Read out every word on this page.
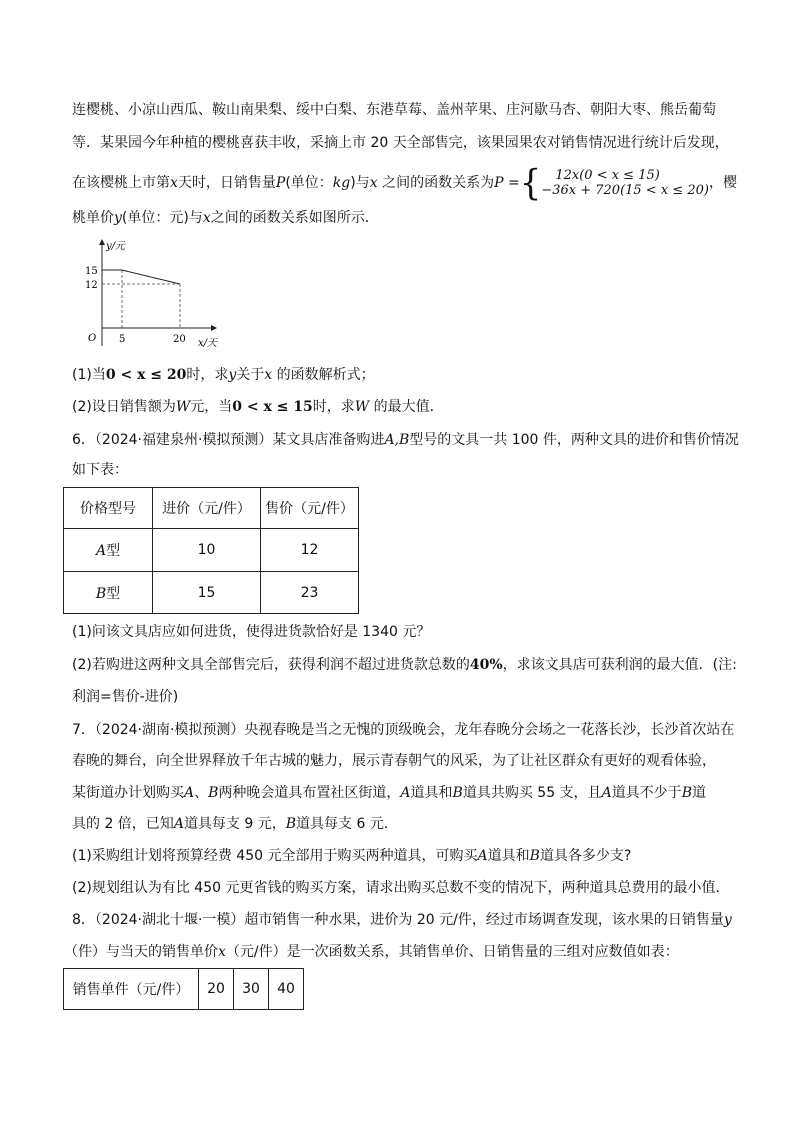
连樱桃、小凉山西瓜、鞍山南果梨、绥中白梨、东港草莓、盖州苹果、庄河歇马杏、朝阳大枣、熊岳葡萄
等．某果园今年种植的樱桃喜获丰收，采摘上市 20 天全部售完，该果园果农对销售情况进行统计后发现，
在该樱桃上市第x天时，日销售量P(单位：kg)与x 之间的函数关系为P ={	12x(0 < x ≤ 15)
−36x + 720(15 < x ≤ 20) ，樱
桃单价y(单位：元)与x之间的函数关系如图所示．
y/元
x/天
O
15
12
5	20
(1)当0 < x ≤ 20时，求y关于x 的函数解析式；
(2)设日销售额为W元，当0 < x ≤ 15时，求W 的最大值．
6．（2024·福建泉州·模拟预测）某文具店准备购进A,B型号的文具一共 100 件，两种文具的进价和售价情况
如下表：
价格型号	进价（元/件）	售价（元/件）
A型	10	12
B型	15	23
(1)问该文具店应如何进货，使得进货款恰好是 1340 元？
(2)若购进这两种文具全部售完后，获得利润不超过进货款总数的40%，求该文具店可获利润的最大值．(注:
利润=售价-进价)
7．（2024·湖南·模拟预测）央视春晚是当之无愧的顶级晚会，龙年春晚分会场之一花落长沙，长沙首次站在
春晚的舞台，向全世界释放千年古城的魅力，展示青春朝气的风采，为了让社区群众有更好的观看体验，
某街道办计划购买A、B两种晚会道具布置社区街道，A道具和B道具共购买 55 支，且A道具不少于B道
具的 2 倍，已知A道具每支 9 元，B道具每支 6 元．
(1)采购组计划将预算经费 450 元全部用于购买两种道具，可购买A道具和B道具各多少支?
(2)规划组认为有比 450 元更省钱的购买方案，请求出购买总数不变的情况下，两种道具总费用的最小值．
8．（2024·湖北十堰·一模）超市销售一种水果，进价为 20 元/件，经过市场调查发现，该水果的日销售量y
（件）与当天的销售单价x（元/件）是一次函数关系，其销售单价、日销售量的三组对应数值如表：
销售单件（元/件）	20	30	40
